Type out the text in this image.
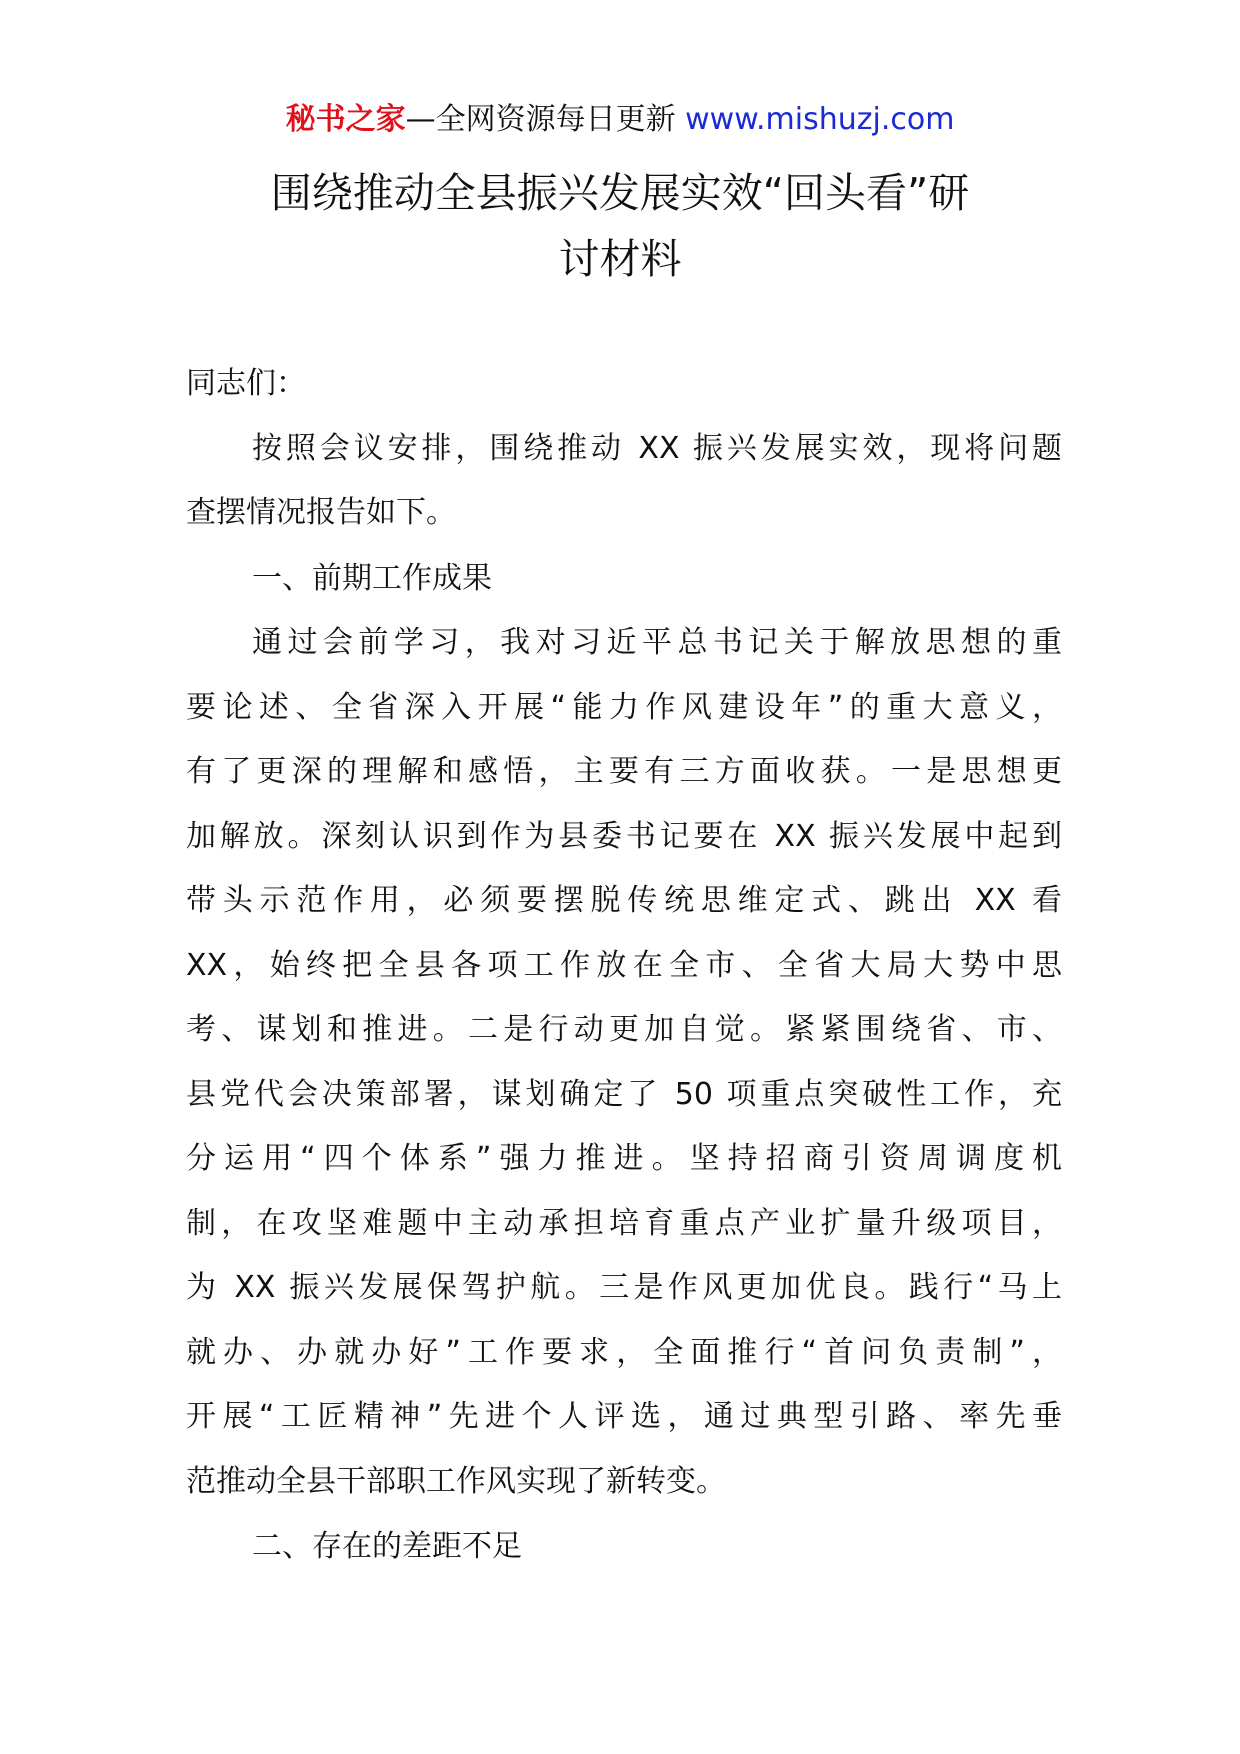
秘书之家—全网资源每日更新 www.mishuzj.com
围绕推动全县振兴发展实效“回头看”研
讨材料
同志们：
按照会议安排，围绕推动 XX 振兴发展实效，现将问题
查摆情况报告如下。
一、前期工作成果
通过会前学习，我对习近平总书记关于解放思想的重
要论述、全省深入开展“能力作风建设年”的重大意义，
有了更深的理解和感悟，主要有三方面收获。一是思想更
加解放。深刻认识到作为县委书记要在 XX 振兴发展中起到
带头示范作用，必须要摆脱传统思维定式、跳出 XX 看
XX，始终把全县各项工作放在全市、全省大局大势中思
考、谋划和推进。二是行动更加自觉。紧紧围绕省、市、
县党代会决策部署，谋划确定了 50 项重点突破性工作，充
分运用“四个体系”强力推进。坚持招商引资周调度机
制，在攻坚难题中主动承担培育重点产业扩量升级项目，
为 XX 振兴发展保驾护航。三是作风更加优良。践行“马上
就办、办就办好”工作要求，全面推行“首问负责制”，
开展“工匠精神”先进个人评选，通过典型引路、率先垂
范推动全县干部职工作风实现了新转变。
二、存在的差距不足
